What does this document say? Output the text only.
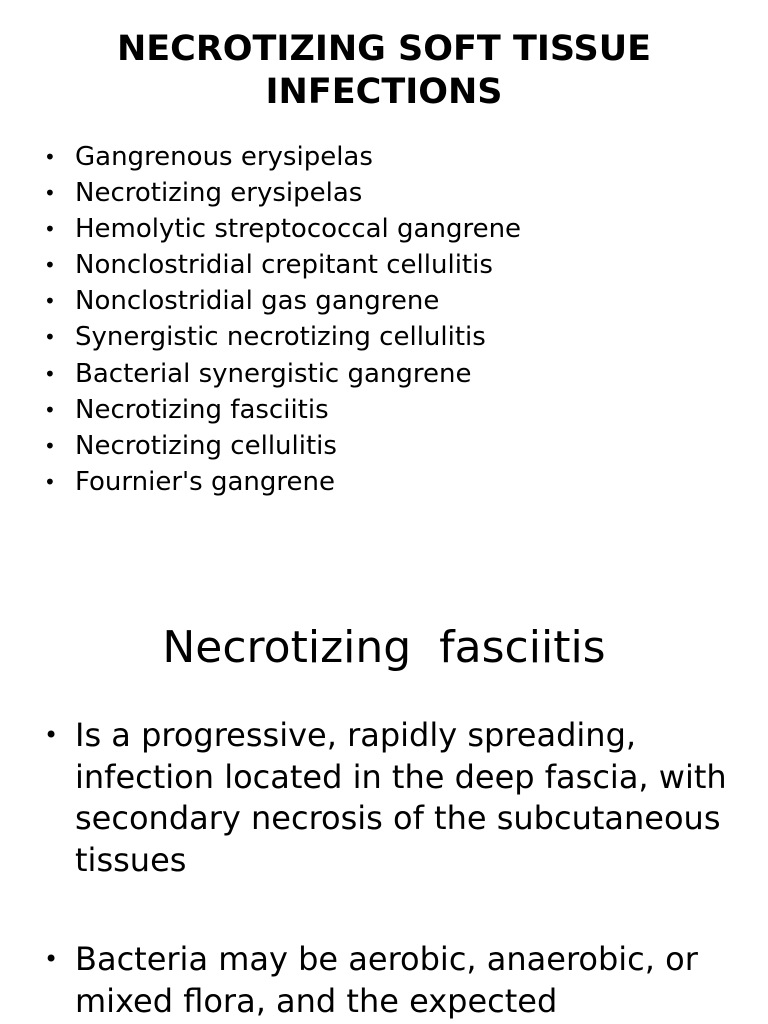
NECROTIZING SOFT TISSUE
INFECTIONS
• Gangrenous erysipelas
• Necrotizing erysipelas
• Hemolytic streptococcal gangrene
• Nonclostridial crepitant cellulitis
• Nonclostridial gas gangrene
• Synergistic necrotizing cellulitis
• Bacterial synergistic gangrene
• Necrotizing fasciitis
• Necrotizing cellulitis
• Fournier's gangrene
Necrotizing  fasciitis
• Is a progressive, rapidly spreading, infection located in the deep fascia, with secondary necrosis of the subcutaneous tissues
• Bacteria may be aerobic, anaerobic, or mixed flora, and the expected
